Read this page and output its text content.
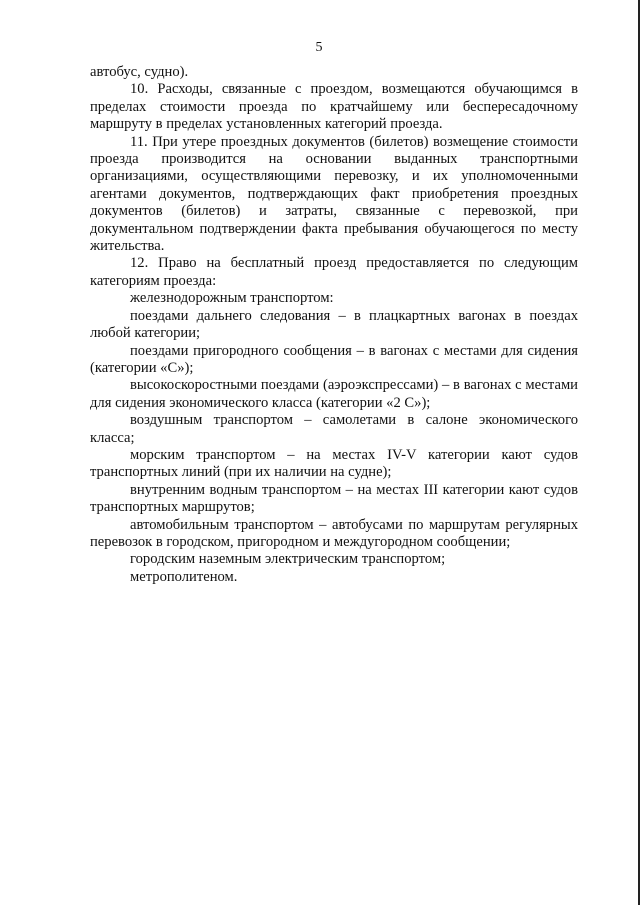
5

автобус, судно).

10. Расходы, связанные с проездом, возмещаются обучающимся в пределах стоимости проезда по кратчайшему или беспересадочному маршруту в пределах установленных категорий проезда.

11. При утере проездных документов (билетов) возмещение стоимости проезда производится на основании выданных транспортными организациями, осуществляющими перевозку, и их уполномоченными агентами документов, подтверждающих факт приобретения проездных документов (билетов) и затраты, связанные с перевозкой, при документальном подтверждении факта пребывания обучающегося по месту жительства.

12. Право на бесплатный проезд предоставляется по следующим категориям проезда:

железнодорожным транспортом:

поездами дальнего следования – в плацкартных вагонах в поездах любой категории;

поездами пригородного сообщения – в вагонах с местами для сидения (категории «С»);

высокоскоростными поездами (аэроэкспрессами) – в вагонах с местами для сидения экономического класса (категории «2 С»);

воздушным транспортом – самолетами в салоне экономического класса;

морским транспортом – на местах IV-V категории кают судов транспортных линий (при их наличии на судне);

внутренним водным транспортом – на местах III категории кают судов транспортных маршрутов;

автомобильным транспортом – автобусами по маршрутам регулярных перевозок в городском, пригородном и междугородном сообщении;

городским наземным электрическим транспортом;

метрополитеном.
